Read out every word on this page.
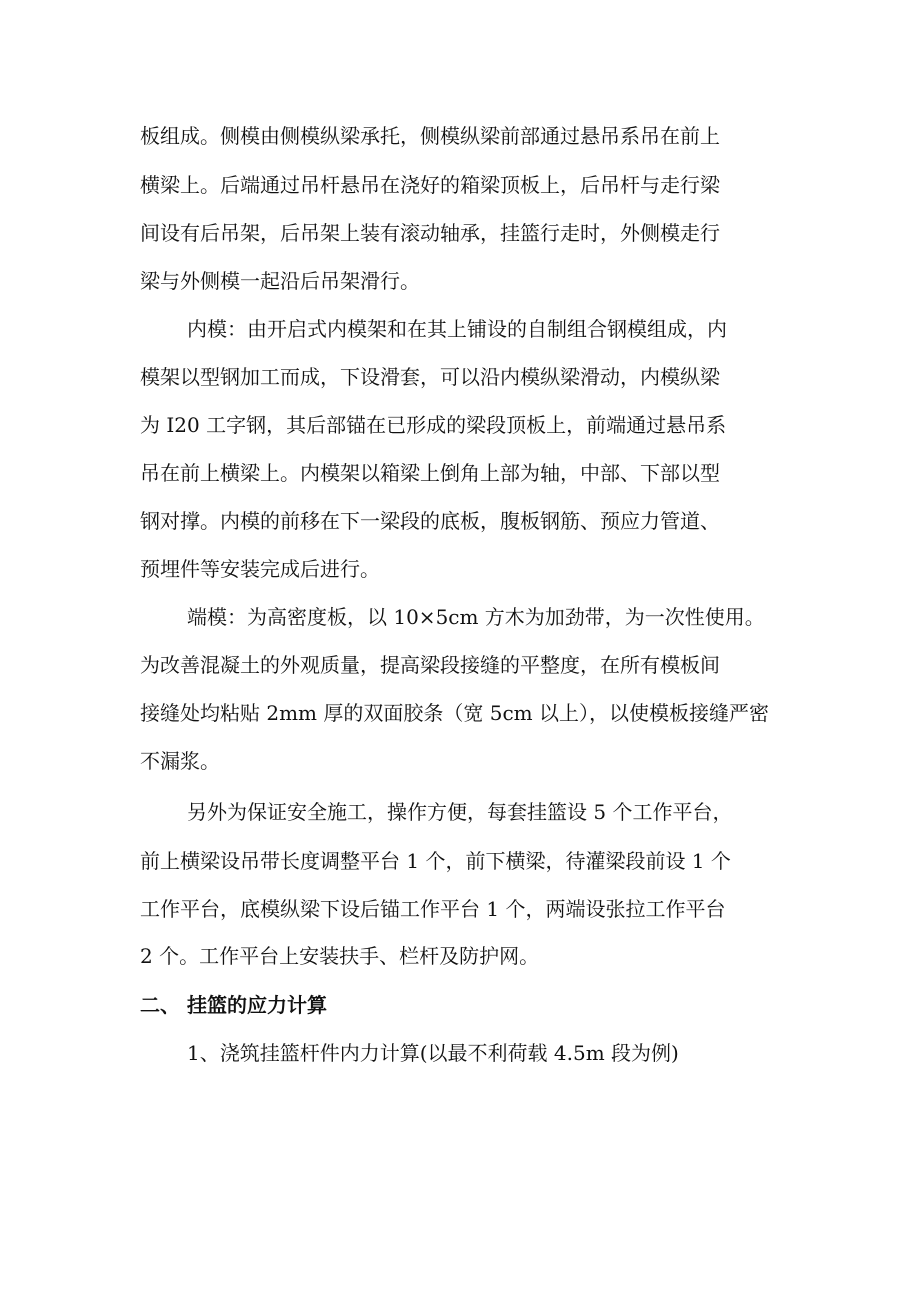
板组成。侧模由侧模纵梁承托，侧模纵梁前部通过悬吊系吊在前上
横梁上。后端通过吊杆悬吊在浇好的箱梁顶板上，后吊杆与走行梁
间设有后吊架，后吊架上装有滚动轴承，挂篮行走时，外侧模走行
梁与外侧模一起沿后吊架滑行。
内模：由开启式内模架和在其上铺设的自制组合钢模组成，内
模架以型钢加工而成，下设滑套，可以沿内模纵梁滑动，内模纵梁
为 I20 工字钢，其后部锚在已形成的梁段顶板上，前端通过悬吊系
吊在前上横梁上。内模架以箱梁上倒角上部为轴，中部、下部以型
钢对撑。内模的前移在下一梁段的底板，腹板钢筋、预应力管道、
预埋件等安装完成后进行。
端模：为高密度板，以 10×5cm 方木为加劲带，为一次性使用。
为改善混凝土的外观质量，提高梁段接缝的平整度，在所有模板间
接缝处均粘贴 2mm 厚的双面胶条（宽 5cm 以上），以使模板接缝严密
不漏浆。
另外为保证安全施工，操作方便，每套挂篮设 5 个工作平台，
前上横梁设吊带长度调整平台 1 个，前下横梁，待灌梁段前设 1 个
工作平台，底模纵梁下设后锚工作平台 1 个，两端设张拉工作平台
2 个。工作平台上安装扶手、栏杆及防护网。
二、 挂篮的应力计算
1、浇筑挂篮杆件内力计算(以最不利荷载 4.5m 段为例)
